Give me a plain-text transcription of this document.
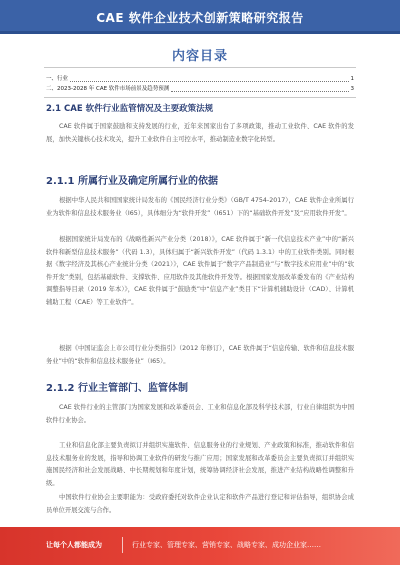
CAE 软件企业技术创新策略研究报告
内容目录
一、行业	1
二、2023-2028 年 CAE 软件市场前景及趋势预测	3
2.1 CAE 软件行业监管情况及主要政策法规

CAE 软件属于国家鼓励和支持发展的行业，近年来国家出台了多项政策，推动工业软件、CAE 软件的发展，加快关键核心技术攻关，提升工业软件自主可控水平，推动制造业数字化转型。

2.1.1 所属行业及确定所属行业的依据

根据中华人民共和国国家统计局发布的《国民经济行业分类》（GB/T 4754-2017），CAE 软件企业所属行业为软件和信息技术服务业（I65），具体细分为“软件开发”（I651）下的“基础软件开发”及“应用软件开发”。

根据国家统计局发布的《战略性新兴产业分类（2018）》，CAE 软件属于“新一代信息技术产业”中的“新兴软件和新型信息技术服务”（代码 1.3），具体归属于“新兴软件开发”（代码 1.3.1）中的工业软件类别。同时根据《数字经济及其核心产业统计分类（2021）》，CAE 软件属于“数字产品制造业”与“数字技术应用业”中的“软件开发”类别，包括基础软件、支撑软件、应用软件及其他软件开发等。根据国家发展改革委发布的《产业结构调整指导目录（2019 年本）》，CAE 软件属于“鼓励类”中“信息产业”类目下“计算机辅助设计（CAD）、计算机辅助工程（CAE）等工业软件”。

根据《中国证监会上市公司行业分类指引》（2012 年修订），CAE 软件属于“信息传输、软件和信息技术服务业”中的“软件和信息技术服务业”（I65）。

2.1.2 行业主管部门、监管体制

CAE 软件行业的主管部门为国家发展和改革委员会、工业和信息化部及科学技术部，行业自律组织为中国软件行业协会。

工业和信息化部主要负责拟订并组织实施软件、信息服务业的行业规划、产业政策和标准，推动软件和信息技术服务业的发展，指导和协调工业软件的研发与推广应用；国家发展和改革委员会主要负责拟订并组织实施国民经济和社会发展战略、中长期规划和年度计划，统筹协调经济社会发展，推进产业结构战略性调整和升级。

中国软件行业协会主要职能为：受政府委托对软件企业认定和软件产品进行登记和评估指导，组织协会成员单位开展交流与合作。

让每个人都能成为	行业专家、管理专家、营销专家、战略专家、成功企业家……
